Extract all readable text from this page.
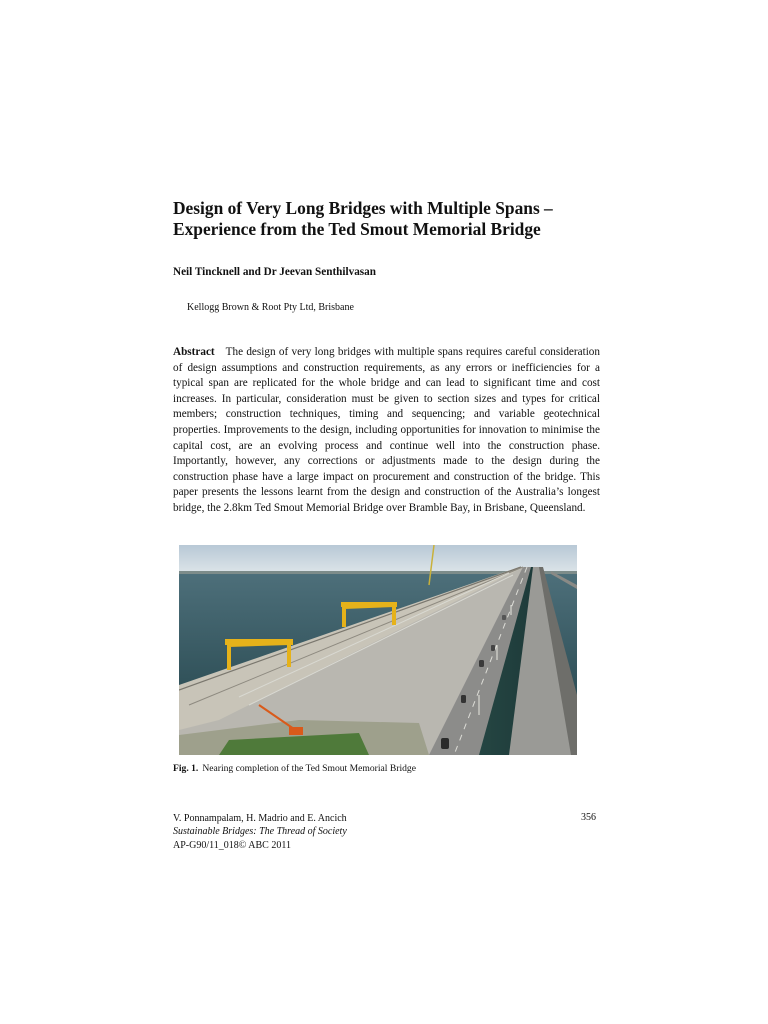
Design of Very Long Bridges with Multiple Spans –
Experience from the Ted Smout Memorial Bridge
Neil Tincknell and Dr Jeevan Senthilvasan
Kellogg Brown & Root Pty Ltd, Brisbane

Abstract The design of very long bridges with multiple spans requires careful consideration of design assumptions and construction requirements, as any errors or inefficiencies for a typical span are replicated for the whole bridge and can lead to significant time and cost increases. In particular, consideration must be given to section sizes and types for critical members; construction techniques, timing and sequencing; and variable geotechnical properties. Improvements to the design, including opportunities for innovation to minimise the capital cost, are an evolving process and continue well into the construction phase. Importantly, however, any corrections or adjustments made to the design during the construction phase have a large impact on procurement and construction of the bridge. This paper presents the lessons learnt from the design and construction of the Australia’s longest bridge, the 2.8km Ted Smout Memorial Bridge over Bramble Bay, in Brisbane, Queensland.

Fig. 1. Nearing completion of the Ted Smout Memorial Bridge
V. Ponnampalam, H. Madrio and E. Ancich
Sustainable Bridges: The Thread of Society
AP-G90/11_018© ABC 2011
356
